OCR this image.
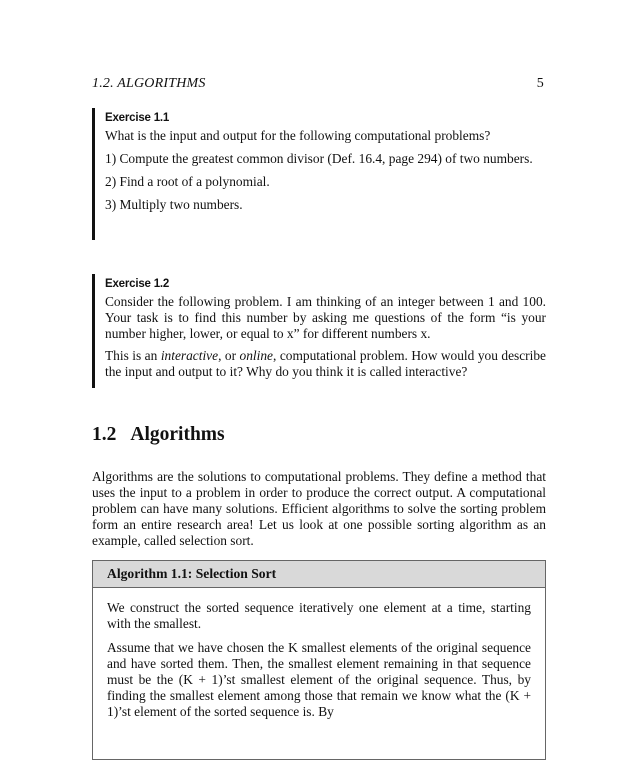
1.2. ALGORITHMS	5
Exercise 1.1

What is the input and output for the following computational problems?

1) Compute the greatest common divisor (Def. 16.4, page 294) of two numbers.

2) Find a root of a polynomial.

3) Multiply two numbers.

Exercise 1.2

Consider the following problem. I am thinking of an integer between 1 and 100. Your task is to find this number by asking me questions of the form “is your number higher, lower, or equal to x” for different numbers x.

This is an interactive, or online, computational problem. How would you describe the input and output to it? Why do you think it is called interactive?

1.2 Algorithms

Algorithms are the solutions to computational problems. They define a method that uses the input to a problem in order to produce the correct output. A computational problem can have many solutions. Efficient algorithms to solve the sorting problem form an entire research area! Let us look at one possible sorting algorithm as an example, called selection sort.

Algorithm 1.1: Selection Sort

We construct the sorted sequence iteratively one element at a time, starting with the smallest.

Assume that we have chosen the K smallest elements of the original sequence and have sorted them. Then, the smallest element remaining in that sequence must be the (K + 1)’st smallest element of the original sequence. Thus, by finding the smallest element among those that remain we know what the (K + 1)’st element of the sorted sequence is. By
